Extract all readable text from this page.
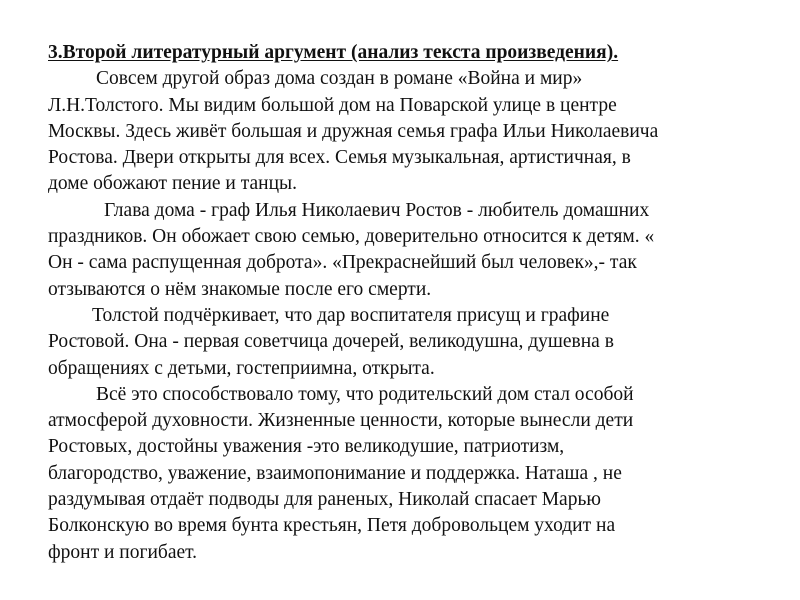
3.Второй литературный аргумент (анализ текста произведения).
Совсем другой образ дома создан в романе «Война и мир»
Л.Н.Толстого. Мы видим большой дом на Поварской улице в центре
Москвы. Здесь живёт большая и дружная семья графа Ильи Николаевича
Ростова. Двери открыты для всех. Семья музыкальная, артистичная, в
доме обожают пение и танцы.
Глава дома - граф Илья Николаевич Ростов - любитель домашних
праздников. Он обожает свою семью, доверительно относится к детям. «
Он - сама распущенная доброта». «Прекраснейший был человек»,- так
отзываются о нём знакомые после его смерти.
Толстой подчёркивает, что дар воспитателя присущ и графине
Ростовой. Она - первая советчица дочерей, великодушна, душевна в
обращениях с детьми, гостеприимна, открыта.
Всё это способствовало тому, что родительский дом стал особой
атмосферой духовности. Жизненные ценности, которые вынесли дети
Ростовых, достойны уважения -это великодушие, патриотизм,
благородство, уважение, взаимопонимание и поддержка. Наташа , не
раздумывая отдаёт подводы для раненых, Николай спасает Марью
Болконскую во время бунта крестьян, Петя добровольцем уходит на
фронт и погибает.
